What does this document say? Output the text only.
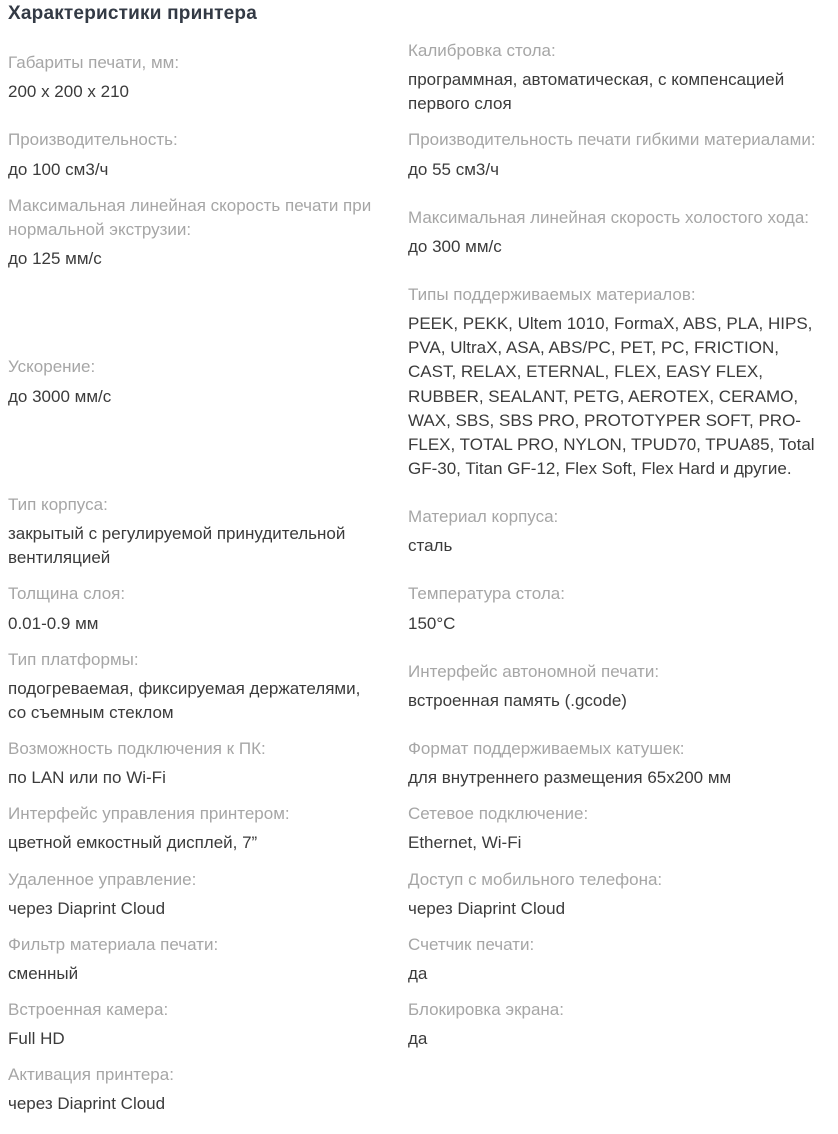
Характеристики принтера
Габариты печати, мм:
200 x 200 x 210
Калибровка стола:
программная, автоматическая, с компенсацией первого слоя
Производительность:
до 100 см3/ч
Производительность печати гибкими материалами:
до 55 см3/ч
Максимальная линейная скорость печати при нормальной экструзии:
до 125 мм/с
Максимальная линейная скорость холостого хода:
до 300 мм/с
Ускорение:
до 3000 мм/с
Типы поддерживаемых материалов:
PEEK, PEKK, Ultem 1010, FormaX, ABS, PLA, HIPS, PVA, UltraX, ASA, ABS/PC, PET, PC, FRICTION, CAST, RELAX, ETERNAL, FLEX, EASY FLEX, RUBBER, SEALANT, PETG, AEROTEX, CERAMO, WAX, SBS, SBS PRO, PROTOTYPER SOFT, PRO-FLEX, TOTAL PRO, NYLON, TPUD70, TPUA85, Total GF-30, Titan GF-12, Flex Soft, Flex Hard и другие.
Тип корпуса:
закрытый с регулируемой принудительной вентиляцией
Материал корпуса:
сталь
Толщина слоя:
0.01-0.9 мм
Температура стола:
150°C
Тип платформы:
подогреваемая, фиксируемая держателями, со съемным стеклом
Интерфейс автономной печати:
встроенная память (.gcode)
Возможность подключения к ПК:
по LAN или по Wi-Fi
Формат поддерживаемых катушек:
для внутреннего размещения 65x200 мм
Интерфейс управления принтером:
цветной емкостный дисплей, 7”
Сетевое подключение:
Ethernet, Wi-Fi
Удаленное управление:
через Diaprint Cloud
Доступ с мобильного телефона:
через Diaprint Cloud
Фильтр материала печати:
сменный
Счетчик печати:
да
Встроенная камера:
Full HD
Блокировка экрана:
да
Активация принтера:
через Diaprint Cloud
